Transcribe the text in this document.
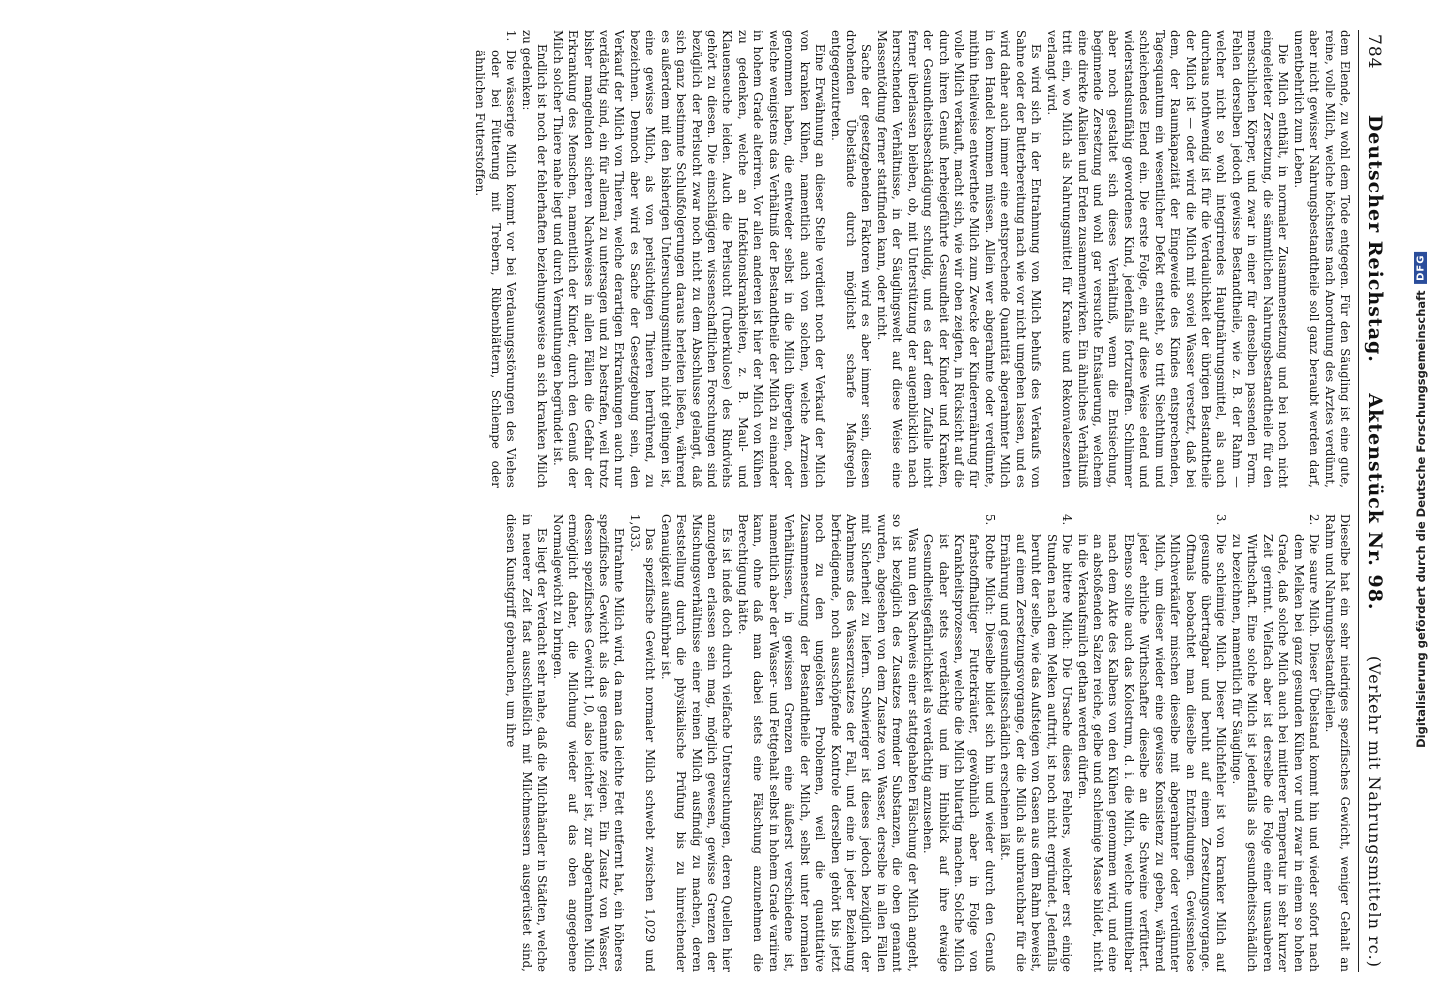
784
Deutscher Reichstag.    Aktenstück Nr. 98.
(Verkehr mit Nahrungsmitteln rc.)

dem Elende, zu wohl dem Tode entgegen. Für den Säugling ist eine gute, reine, volle Milch, welche höchstens nach Anordnung des Arztes verdünnt, aber nicht gewisser Nahrungsbestandtheile soll ganz beraubt werden darf, unentbehrlich zum Leben.

Die Milch enthält, in normaler Zusammensetzung und bei noch nicht eingeleiteter Zersetzung, die sämmtlichen Nahrungsbestandtheile für den menschlichen Körper, und zwar in einer für denselben passenden Form. Fehlen derselben jedoch gewisse Bestandtheile, wie z. B. der Rahm — welcher nicht so wohl integrirendes Hauptnährungsmittel, als auch durchaus nothwendig ist für die Verdaulichkeit der übrigen Bestandtheile der Milch ist — oder wird die Milch mit soviel Wasser versetzt, daß bei dem, der Raumkapazität der Eingeweide des Kindes entsprechenden, Tagesquantum ein wesentlicher Defekt entsteht, so tritt Siechthum und schleichendes Elend ein. Die erste Folge, ein auf diese Weise elend und widerstandsunfähig gewordenes Kind, jedenfalls fortzuraffen. Schlimmer aber noch gestaltet sich dieses Verhältniß, wenn die Entsiechung, beginnende Zersetzung und wohl gar versuchte Entsäuerung, welchem eine direkte Alkalien und Erden zusammenwirken. Ein ähnliches Verhältniß tritt ein, wo Milch als Nahrungsmittel für Kranke und Rekonvaleszenten verlangt wird.

Es wird sich in der Entrahmung von Milch behufs des Verkaufs von Sahne oder der Butterbereitung nach wie vor nicht umgehen lassen, und es wird daher auch immer eine entsprechende Quantität abgerahmter Milch in den Handel kommen müssen. Allein wer abgerahmte oder verdünnte, mithin theilweise entwerthete Milch zum Zwecke der Kinderernährung für volle Milch verkauft, macht sich, wie wir oben zeigten, in Rücksicht auf die durch ihren Genuß herbeigeführte Gesundheit der Kinder und Kranken, der Gesundheitsbeschädigung schuldig, und es darf dem Zufalle nicht ferner überlassen bleiben, ob, mit Unterstützung der augenblicklich nach herrschenden Verhältnisse, in der Säuglingswelt auf diese Weise eine Massentödtung ferner stattfinden kann, oder nicht.

Sache der gesetzgebenden Faktoren wird es aber immer sein, diesen drohenden Übelstände durch möglichst scharfe Maßregeln entgegenzutreten.

Eine Erwähnung an dieser Stelle verdient noch der Verkauf der Milch von kranken Kühen, namentlich auch von solchen, welche Arzneien genommen haben, die entweder selbst in die Milch übergehen, oder welche wenigstens das Verhältniß der Bestandtheile der Milch zu einander in hohem Grade alteriren. Vor allen anderen ist hier der Milch von Kühen zu gedenken, welche an Infektionskrankheiten, z. B. Maul- und Klauenseuche leiden. Auch die Perlsucht (Tuberkulose) des Rindviehs gehört zu diesen. Die einschlägigen wissenschaftlichen Forschungen sind bezüglich der Perlsucht zwar noch nicht zu dem Abschlusse gelangt, daß sich ganz bestimmte Schlußfolgerungen daraus herleiten ließen, während es außerdem mit den bisherigen Untersuchungsmitteln nicht gelingen ist, eine gewisse Milch, als von perlsüchtigen Thieren herrührend, zu bezeichnen. Dennoch aber wird es Sache der Gesetzgebung sein, den Verkauf der Milch von Thieren, welche derartigen Erkrankungen auch nur verdächtig sind, ein für allemal zu untersagen und zu bestrafen, weil trotz bisher mangelnden sicheren Nachweises in allen Fällen die Gefahr der Erkrankung des Menschen, namentlich der Kinder, durch den Genuß der Milch solcher Thiere nahe liegt und durch Vermuthungen begründet ist.

Endlich ist noch der fehlerhaften beziehungsweise an sich kranken Milch zu gedenken:

1.
Die wässerige Milch kommt vor bei Verdauungsstörungen des Viehes oder bei Fütterung mit Trebern, Rübenblättern, Schlempe oder ähnlichen Futterstoffen.

Dieselbe hat ein sehr niedriges spezifisches Gewicht, weniger Gehalt an Rahm und Nahrungsbestandtheilen.

2.
Die saure Milch. Dieser Übelstand kommt hin und wieder sofort nach dem Melken bei ganz gesunden Kühen vor und zwar in einem so hohen Grade, daß solche Milch auch bei mittlerer Temperatur in sehr kurzer Zeit gerinnt. Vielfach aber ist derselbe die Folge einer unsauberen Wirthschaft. Eine solche Milch ist jedenfalls als gesundheitsschädlich zu bezeichnen, namentlich für Säuglinge.
3.
Die schleimige Milch. Dieser Milchfehler ist von kranker Milch auf gesunde übertragbar und beruht auf einem Zersetzungsvorgange. Oftmals beobachtet man dieselbe an Entzündungen. Gewissenlose Milchverkäufer mischen dieselbe mit abgerahmter oder verdünnter Milch, um dieser wieder eine gewisse Konsistenz zu geben, während jeder ehrliche Wirthschafter dieselbe an die Schweine verfüttert. Ebenso sollte auch das Kolostrum, d. i. die Milch, welche unmittelbar nach dem Akte des Kalbens von den Kühen genommen wird, und eine an abstoßenden Salzen reiche, gelbe und schleimige Masse bildet, nicht in die Verkaufsmilch gethan werden dürfen.
4.
Die bittere Milch: Die Ursache dieses Fehlers, welcher erst einige Stunden nach dem Melken auftritt, ist noch nicht ergründet. Jedenfalls beruht der selbe, wie das Aufsteigen von Gasen aus dem Rahm beweist, auf einem Zersetzungsvorgange, der die Milch als unbrauchbar für die Ernährung und gesundheitsschädlich erscheinen läßt.
5.
Rothe Milch: Dieselbe bildet sich hin und wieder durch den Genuß farbstoffhaltiger Futterkräuter, gewöhnlich aber in Folge von Krankheitsprozessen, welche die Milch blutartig machen. Solche Milch ist daher stets verdächtig und im Hinblick auf ihre etwaige Gesundheitsgefährlichkeit als verdächtig anzusehen.

Was nun den Nachweis einer stattgehabten Fälschung der Milch angeht, so ist bezüglich des Zusatzes fremder Substanzen, die oben genannt wurden, abgesehen von dem Zusatze von Wasser, derselbe in allen Fällen mit Sicherheit zu liefern. Schwieriger ist dieses jedoch bezüglich der Abrahmens des Wasserzusatzes der Fall, und eine in jeder Beziehung befriedigende, noch ausschöpfende Kontrole derselben gehört bis jetzt noch zu den ungelösten Problemen, weil die quantitative Zusammensetzung der Bestandtheile der Milch, selbst unter normalen Verhältnissen, in gewissen Grenzen eine äußerst verschiedene ist, namentlich aber der Wasser- und Fettgehalt selbst in hohem Grade variiren kann, ohne daß man dabei stets eine Fälschung anzunehmen die Berechtigung hätte.

Es ist indeß doch durch vielfache Untersuchungen, deren Quellen hier anzugeben erlassen sein mag, möglich gewesen, gewisse Grenzen der Mischungsverhältnisse einer reinen Milch ausfindig zu machen, deren Feststellung durch die physikalische Prüfung bis zu hinreichender Genauigkeit ausführbar ist.

Das spezifische Gewicht normaler Milch schwebt zwischen 1,029 und 1,033.

Entrahmte Milch wird, da man das leichte Fett entfernt hat, ein höheres spezifisches Gewicht als das genannte zeigen. Ein Zusatz von Wasser, dessen spezifisches Gewicht 1,0, also leichter ist, zur abgerahmten Milch ermöglicht daher, die Milchung wieder auf das oben angegebene Normalgewicht zu bringen.

Es liegt der Verdacht sehr nahe, daß die Milchhändler in Städten, welche in neuerer Zeit fast ausschließlich mit Milchmessern ausgerüstet sind, diesen Kunstgriff gebrauchen, um ihre	Digitalisierung gefördert durch die Deutsche Forschungsgemeinschaft
DFG
